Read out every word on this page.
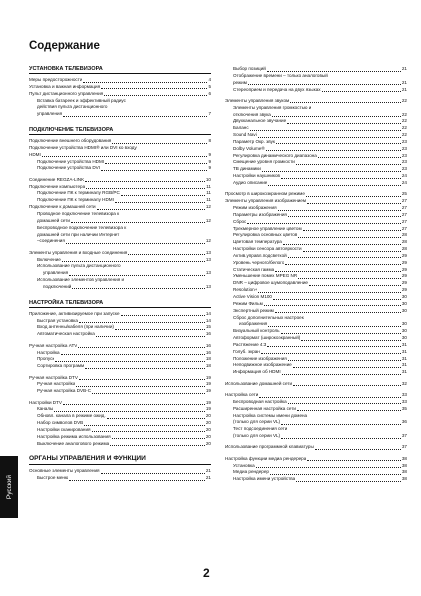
Содержание
УСТАНОВКА ТЕЛЕВИЗОРА
Меры предосторожности	4
Установка и важная информация	5
Пульт дистанционного управления	6
Вставка батареек и эффективный радиус
действия пульта дистанционного
управления	7
ПОДКЛЮЧЕНИЕ ТЕЛЕВИЗОРА
Подключение внешнего оборудования	8
Подключение устройства HDMI® или DVI ко входу
HDMI	9
Подключение устройства HDMI	9
Подключение устройства DVI	9
Соединение REGZA-LINK	10
Подключение компьютера	11
Подключение ПК к терминалу RGB/PC	11
Подключение ПК к терминалу HDMI	11
Подключение к домашней сети	12
Проводное подключение телевизора к
домашней сети	12
Беспроводное подключение телевизора к
домашней сети при наличии Интернет
–соединения	12
Элементы управления и входные соединения	13
Включение	13
Использование пульта дистанционного
управления	13
Использование элементов управления и
подключений	13
НАСТРОЙКА ТЕЛЕВИЗОРА
Приложение, активизируемое при запуске	14
Быстрая установка	14
Вход антенны/кабеля (при наличии)	15
Автоматическая настройка	16
Ручная настройка ATV	16
Настройка	16
Пропуск	18
Сортировка программ	18
Ручная настройка DTV	19
Ручная настройка	19
Ручная настройка DVB-C	19
Настройки DTV	19
Каналы	19
Обновл. канала в режиме ожид.	20
Набор символов DVB	20
Настройки сканирования	20
Настройка режима использования	20
Выключение аналогового режима	20
ОРГАНЫ УПРАВЛЕНИЯ И ФУНКЦИИ
Основные элементы управления	21
Быстрое меню	21
Выбор позиций	21
Отображение времени – только аналоговый
режим	21
Стереоприем и передача на двух языках	21
Элементы управления звуком	22
Элементы управления громкостью и
отключения звука	22
Двухканальное звучание	22
Баланс	22
Sound Navi	22
Параметр Окр. звук	23
Dolby Volume®	23
Регулировка динамического диапазона	23
Смещение уровня громкости	23
ТВ динамики	23
Настройки наушников	24
Аудио описание	24
Просмотр в широкоэкранном режиме	25
Элементы управления изображением	27
Режим изображения	27
Параметры изображения	27
Сброс	27
Трехмерное управление цветом	27
Регулировка основных цветов	28
Цветовая температура	28
Настройки сенсора автояркости	28
Актив.управл.подсветкой	29
Уровень черного/белого	29
Статическая гамма	29
Уменьшение помех MPEG NR	29
DNR – цифровое шумоподавление	29
Resolution+	29
Active Vision M100	30
Режим Фильм	30
Экспертный режим	30
Сброс дополнительных настроек
изображения	30
Визуальный контроль	30
Автоформат (широкоэкранный)	30
Растяжение 4:3	31
Голуб. экран	31
Положение изображения	31
Неподвижное изображение	31
Информация об HDMI	31
Использование домашней сети	32
Настройка сети	33
Беспроводная настройка	33
Расширенная настройка сети	35
Настройка системы имени домена
(только для серии VL)	36
Тест подсоединения сети
(только для серии VL)	37
Использование программной клавиатуры	37
Настройка функции медиа рендерера	38
Установка	38
Медиа рендерер	38
Настройка имени устройства	38
Русский
2
